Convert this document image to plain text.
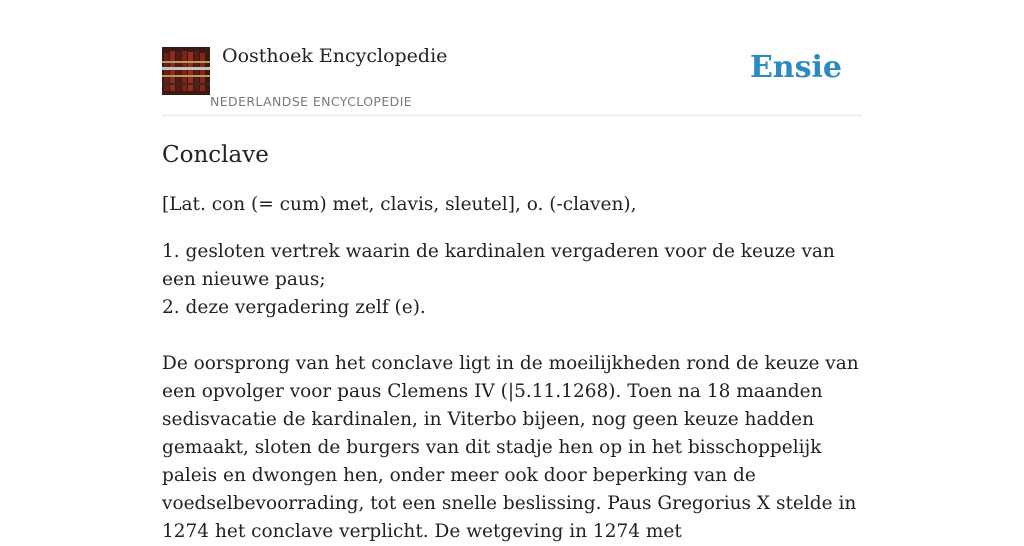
Oosthoek Encyclopedie
NEDERLANDSE ENCYCLOPEDIE
Ensie
Conclave

[Lat. con (= cum) met, clavis, sleutel], o. (-claven),

1. gesloten vertrek waarin de kardinalen vergaderen voor de keuze van een nieuwe paus;
2. deze vergadering zelf (e).

De oorsprong van het conclave ligt in de moeilijkheden rond de keuze van een opvolger voor paus Clemens IV (|5.11.1268). Toen na 18 maanden sedisvacatie de kardinalen, in Viterbo bijeen, nog geen keuze hadden gemaakt, sloten de burgers van dit stadje hen op in het bisschoppelijk paleis en dwongen hen, onder meer ook door beperking van de voedselbevoorrading, tot een snelle beslissing. Paus Gregorius X stelde in 1274 het conclave verplicht. De wetgeving in 1274 met
